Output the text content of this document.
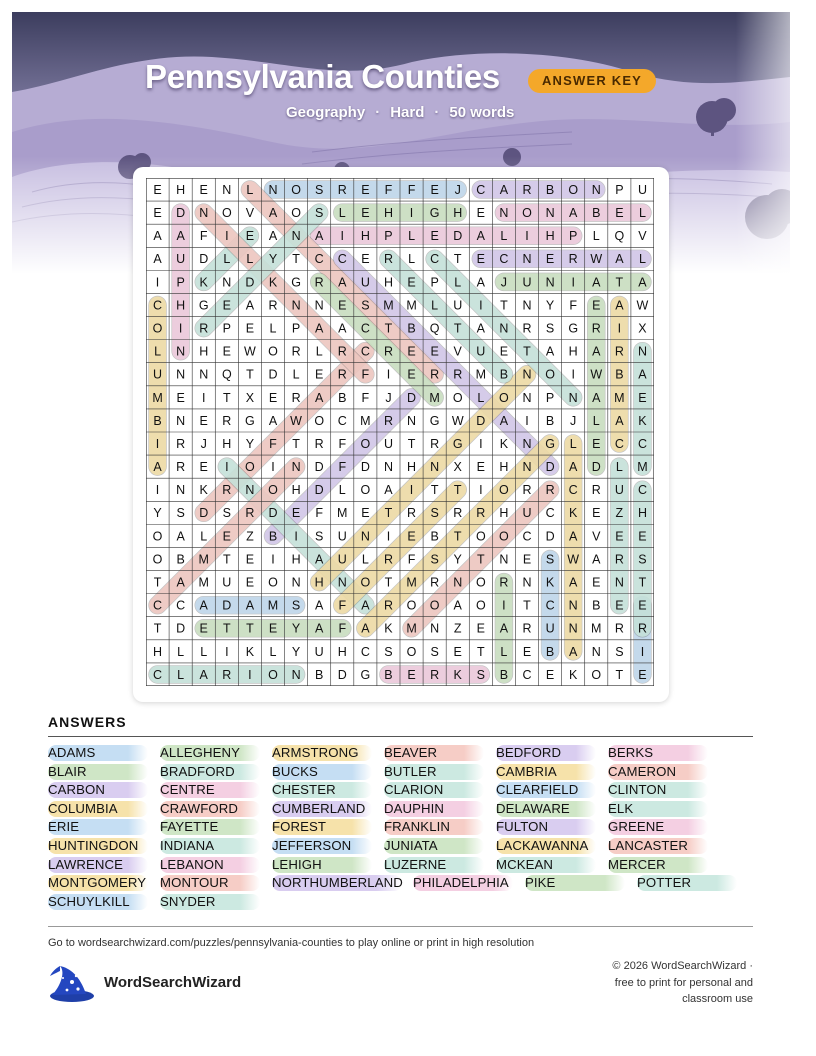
Pennsylvania Counties	ANSWER KEY
Geography · Hard · 50 words
E H E N L N O S R E F F E J C A R B O N P U
E D N O V A O S L E H I G H E N O N A B E L
A A F I E A N A I H P L E D A L I H P L Q V
A U D L L Y T C C E R L C T E C N E R W A L
I P K N D K G R A U H E P L A J U N I A T A
C H G E A R N N E S M M L U I T N Y F E A W
O I R P E L P A A C T B Q T A N R S G R I X
L N H E W O R L R C R E E V U E T A H A R N
U N N Q T D L E R F I E R R M B N O I W B A
M E I T X E R A B F J D M O L O N P N A M E
B N E R G A W O C M R N G W D A I B J L A K
I R J H Y F T R F O U T R G I K N G L E C C
A R E I O I N D F D N H N X E H N D A D L M
I N K R N O H D L O A I T T I O R R C R U C
Y S D S R D E F M E T R S R R H U C K E Z H
O A L E Z B I S U N I E B T O O C D A V E E
O B M T E I H A U L R F S Y T N E S W A R S
T A M U E O N H N O T M R N O R N K A E N T
C C A D A M S A F A R O O A O I T C N B E E
T D E T T E Y A F A K M N Z E A R U N M R R
H L L I K L Y U H C S O S E T L E B A N S I
C L A R I O N B D G B E R K S B C E K O T E
ANSWERS
ADAMS	ALLEGHENY	ARMSTRONG	BEAVER	BEDFORD	BERKS
BLAIR	BRADFORD	BUCKS	BUTLER	CAMBRIA	CAMERON
CARBON	CENTRE	CHESTER	CLARION	CLEARFIELD	CLINTON
COLUMBIA	CRAWFORD	CUMBERLAND	DAUPHIN	DELAWARE	ELK
ERIE	FAYETTE	FOREST	FRANKLIN	FULTON	GREENE
HUNTINGDON	INDIANA	JEFFERSON	JUNIATA	LACKAWANNA	LANCASTER
LAWRENCE	LEBANON	LEHIGH	LUZERNE	MCKEAN	MERCER
MONTGOMERY MONTOUR	NORTHUMBERLAND PHILADELPHIA	PIKE	POTTER
SCHUYLKILL	SNYDER
Go to wordsearchwizard.com/puzzles/pennsylvania-counties to play online or print in high resolution
WordSearchWizard
© 2026 WordSearchWizard ·
free to print for personal and
classroom use
